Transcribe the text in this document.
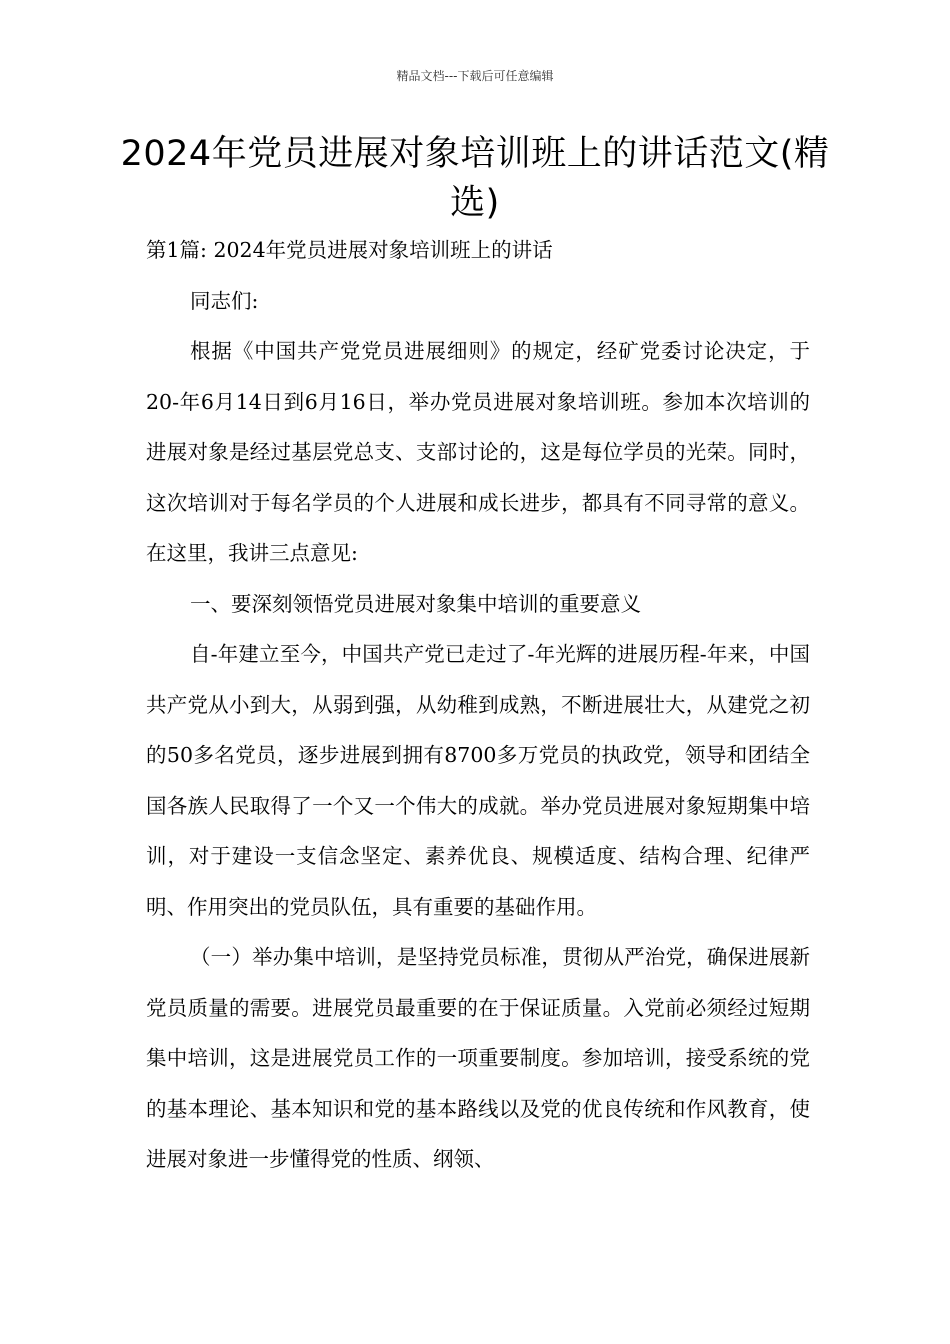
精品文档---下载后可任意编辑
2024年党员进展对象培训班上的讲话范文(精选)

第1篇: 2024年党员进展对象培训班上的讲话

同志们:

根据《中国共产党党员进展细则》的规定，经矿党委讨论决定，于20-年6月14日到6月16日，举办党员进展对象培训班。参加本次培训的进展对象是经过基层党总支、支部讨论的，这是每位学员的光荣。同时，这次培训对于每名学员的个人进展和成长进步，都具有不同寻常的意义。在这里，我讲三点意见:

一、要深刻领悟党员进展对象集中培训的重要意义

自-年建立至今，中国共产党已走过了-年光辉的进展历程-年来，中国共产党从小到大，从弱到强，从幼稚到成熟，不断进展壮大，从建党之初的50多名党员，逐步进展到拥有8700多万党员的执政党，领导和团结全国各族人民取得了一个又一个伟大的成就。举办党员进展对象短期集中培训，对于建设一支信念坚定、素养优良、规模适度、结构合理、纪律严明、作用突出的党员队伍，具有重要的基础作用。

（一）举办集中培训，是坚持党员标准，贯彻从严治党，确保进展新党员质量的需要。进展党员最重要的在于保证质量。入党前必须经过短期集中培训，这是进展党员工作的一项重要制度。参加培训，接受系统的党的基本理论、基本知识和党的基本路线以及党的优良传统和作风教育，使进展对象进一步懂得党的性质、纲领、
